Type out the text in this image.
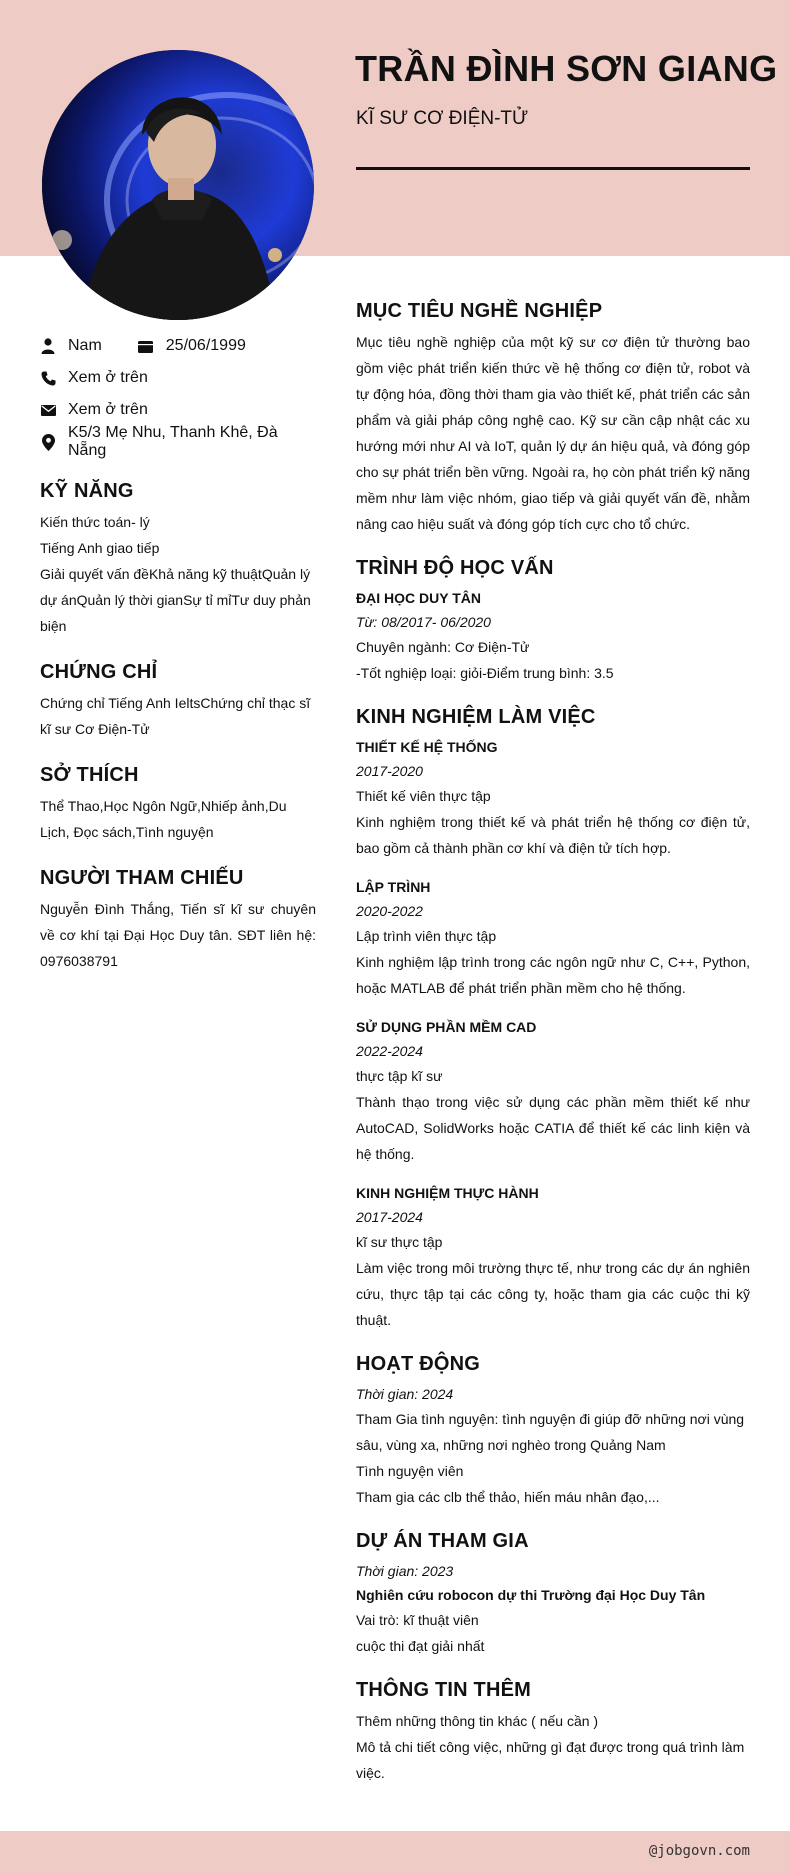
TRẦN ĐÌNH SƠN GIANG
KĨ SƯ CƠ ĐIỆN-TỬ
Nam	25/06/1999
Xem ở trên
Xem ở trên
K5/3 Mẹ Nhu, Thanh Khê, Đà Nẵng
KỸ NĂNG
Kiến thức toán- lý
Tiếng Anh giao tiếp
Giải quyết vấn đềKhả năng kỹ thuậtQuản lý dự ánQuản lý thời gianSự tỉ mỉTư duy phản biện
CHỨNG CHỈ
Chứng chỉ Tiếng Anh IeltsChứng chỉ thạc sĩ kĩ sư Cơ Điện-Tử
SỞ THÍCH
Thể Thao,Học Ngôn Ngữ,Nhiếp ảnh,Du Lịch, Đọc sách,Tình nguyện
NGƯỜI THAM CHIẾU
Nguyễn Đình Thắng, Tiến sĩ kĩ sư chuyên về cơ khí tại Đại Học Duy tân. SĐT liên hệ: 0976038791
MỤC TIÊU NGHỀ NGHIỆP
Mục tiêu nghề nghiệp của một kỹ sư cơ điện tử thường bao gồm việc phát triển kiến thức về hệ thống cơ điện tử, robot và tự động hóa, đồng thời tham gia vào thiết kế, phát triển các sản phẩm và giải pháp công nghệ cao. Kỹ sư cần cập nhật các xu hướng mới như AI và IoT, quản lý dự án hiệu quả, và đóng góp cho sự phát triển bền vững. Ngoài ra, họ còn phát triển kỹ năng mềm như làm việc nhóm, giao tiếp và giải quyết vấn đề, nhằm nâng cao hiệu suất và đóng góp tích cực cho tổ chức.
TRÌNH ĐỘ HỌC VẤN
ĐẠI HỌC DUY TÂN
Từ: 08/2017- 06/2020
Chuyên ngành: Cơ Điện-Tử
-Tốt nghiệp loại: giỏi-Điểm trung bình: 3.5
KINH NGHIỆM LÀM VIỆC
THIẾT KẾ HỆ THỐNG
2017-2020
Thiết kế viên thực tập
Kinh nghiệm trong thiết kế và phát triển hệ thống cơ điện tử, bao gồm cả thành phần cơ khí và điện tử tích hợp.
LẬP TRÌNH
2020-2022
Lập trình viên thực tập
Kinh nghiệm lập trình trong các ngôn ngữ như C, C++, Python, hoặc MATLAB để phát triển phần mềm cho hệ thống.
SỬ DỤNG PHẦN MỀM CAD
2022-2024
thực tập kĩ sư
Thành thạo trong việc sử dụng các phần mềm thiết kế như AutoCAD, SolidWorks hoặc CATIA để thiết kế các linh kiện và hệ thống.
KINH NGHIỆM THỰC HÀNH
2017-2024
kĩ sư thực tập
Làm việc trong môi trường thực tế, như trong các dự án nghiên cứu, thực tập tại các công ty, hoặc tham gia các cuộc thi kỹ thuật.
HOẠT ĐỘNG
Thời gian: 2024
Tham Gia tình nguyện: tình nguyện đi giúp đỡ những nơi vùng sâu, vùng xa, những nơi nghèo trong Quảng Nam
Tình nguyện viên
Tham gia các clb thể thảo, hiến máu nhân đạo,...
DỰ ÁN THAM GIA
Thời gian: 2023
Nghiên cứu robocon dự thi Trường đại Học Duy Tân
Vai trò: kĩ thuật viên
cuộc thi đạt giải nhất
THÔNG TIN THÊM
Thêm những thông tin khác ( nếu cần )
Mô tả chi tiết công việc, những gì đạt được trong quá trình làm việc.
@jobgovn.com
